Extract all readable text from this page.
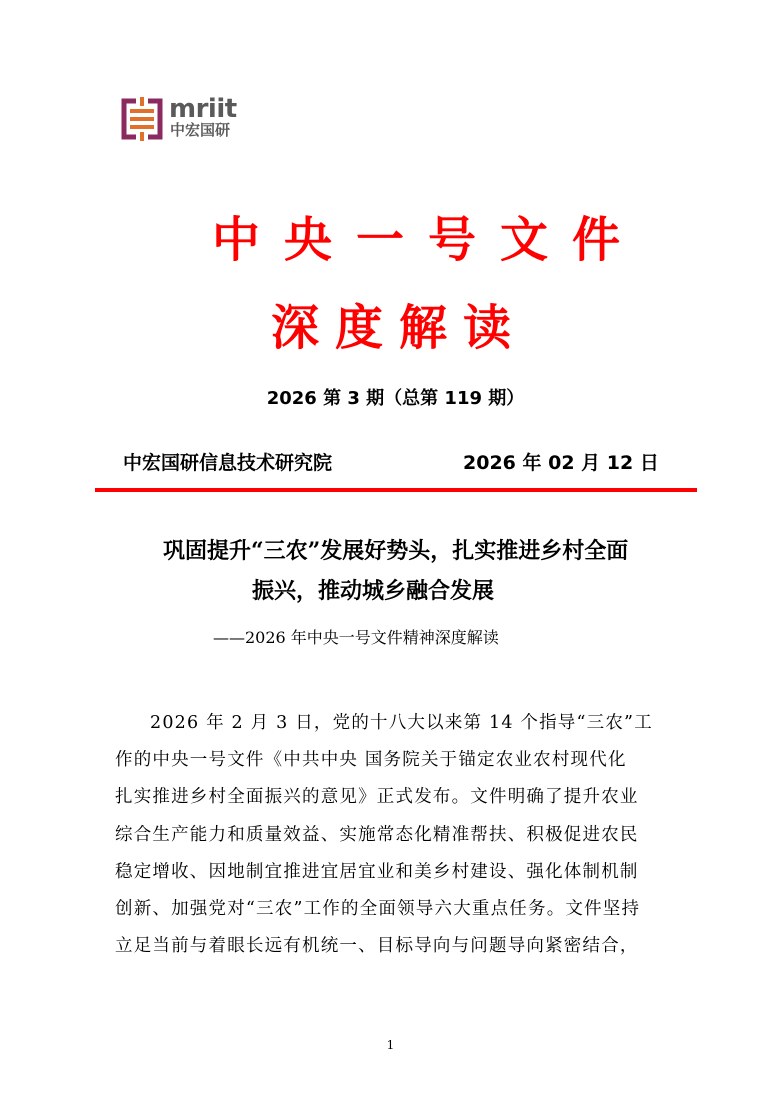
mriit
中宏国研
中央一号文件
深度解读
2026 第 3 期（总第 119 期）
中宏国研信息技术研究院	2026 年 02 月 12 日
巩固提升“三农”发展好势头，扎实推进乡村全面
振兴，推动城乡融合发展
——2026 年中央一号文件精神深度解读
2026 年 2 月 3 日，党的十八大以来第 14 个指导“三农”工
作的中央一号文件《中共中央 国务院关于锚定农业农村现代化
扎实推进乡村全面振兴的意见》正式发布。文件明确了提升农业
综合生产能力和质量效益、实施常态化精准帮扶、积极促进农民
稳定增收、因地制宜推进宜居宜业和美乡村建设、强化体制机制
创新、加强党对“三农”工作的全面领导六大重点任务。文件坚持
立足当前与着眼长远有机统一、目标导向与问题导向紧密结合，
1
